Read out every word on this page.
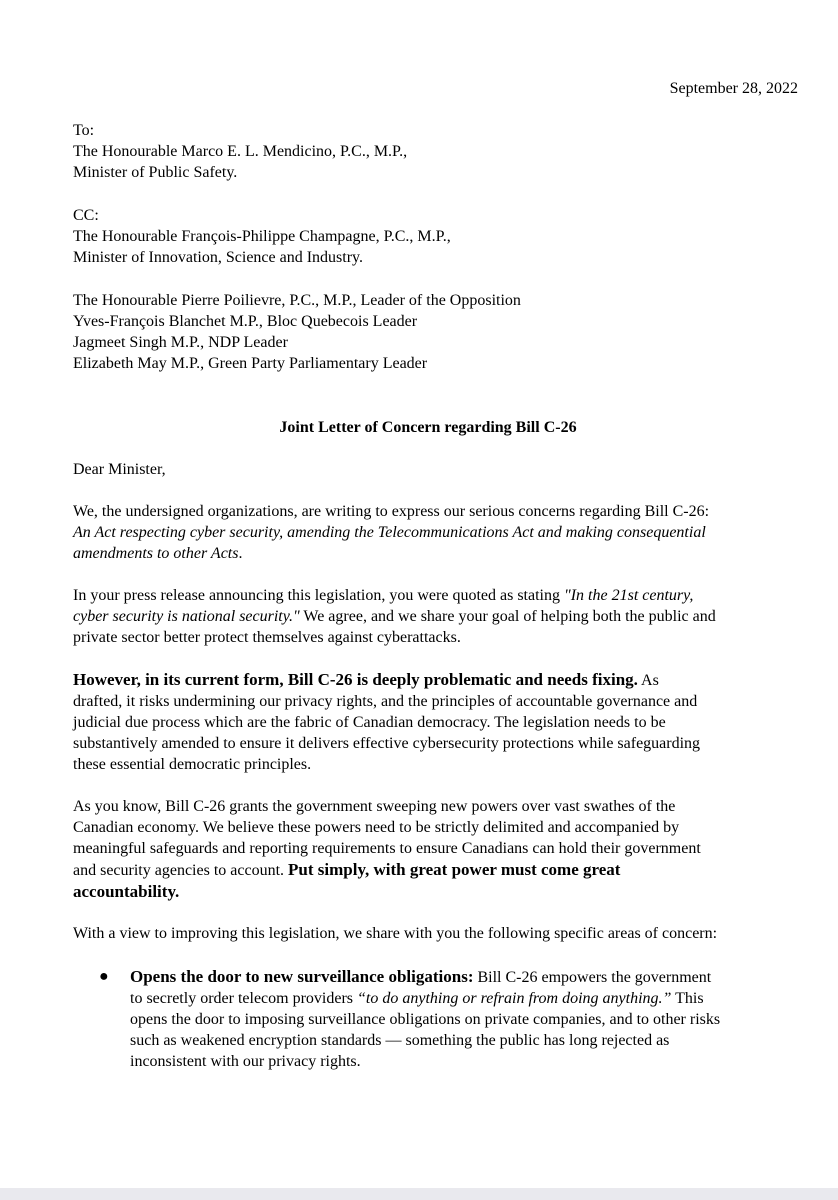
September 28, 2022
To:
The Honourable Marco E. L. Mendicino, P.C., M.P.,
Minister of Public Safety.
CC:
The Honourable François-Philippe Champagne, P.C., M.P.,
Minister of Innovation, Science and Industry.
The Honourable Pierre Poilievre, P.C., M.P., Leader of the Opposition
Yves-François Blanchet M.P., Bloc Quebecois Leader
Jagmeet Singh M.P., NDP Leader
Elizabeth May M.P., Green Party Parliamentary Leader
Joint Letter of Concern regarding Bill C-26
Dear Minister,
We, the undersigned organizations, are writing to express our serious concerns regarding Bill C-26:
An Act respecting cyber security, amending the Telecommunications Act and making consequential
amendments to other Acts.
In your press release announcing this legislation, you were quoted as stating "In the 21st century,
cyber security is national security." We agree, and we share your goal of helping both the public and
private sector better protect themselves against cyberattacks.
However, in its current form, Bill C-26 is deeply problematic and needs fixing. As
drafted, it risks undermining our privacy rights, and the principles of accountable governance and
judicial due process which are the fabric of Canadian democracy. The legislation needs to be
substantively amended to ensure it delivers effective cybersecurity protections while safeguarding
these essential democratic principles.
As you know, Bill C-26 grants the government sweeping new powers over vast swathes of the
Canadian economy. We believe these powers need to be strictly delimited and accompanied by
meaningful safeguards and reporting requirements to ensure Canadians can hold their government
and security agencies to account. Put simply, with great power must come great
accountability.
With a view to improving this legislation, we share with you the following specific areas of concern:
● Opens the door to new surveillance obligations: Bill C-26 empowers the government
to secretly order telecom providers “to do anything or refrain from doing anything.” This
opens the door to imposing surveillance obligations on private companies, and to other risks
such as weakened encryption standards — something the public has long rejected as
inconsistent with our privacy rights.
